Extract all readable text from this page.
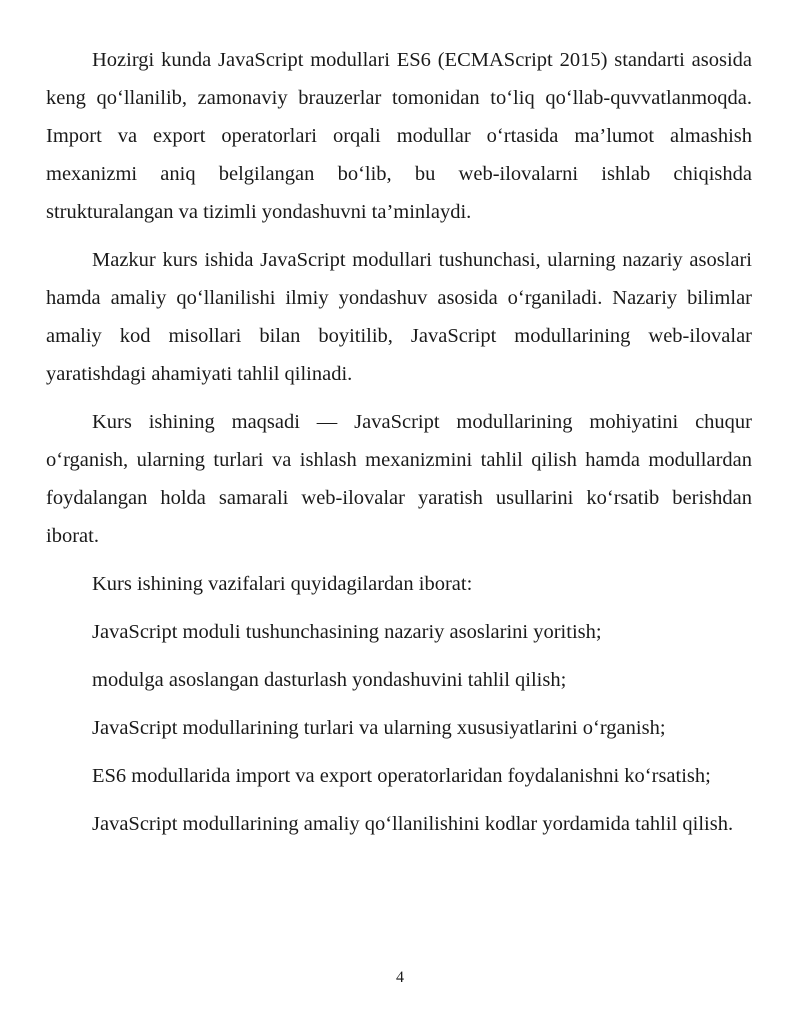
Hozirgi kunda JavaScript modullari ES6 (ECMAScript 2015) standarti asosida keng qo‘llanilib, zamonaviy brauzerlar tomonidan to‘liq qo‘llab-quvvatlanmoqda. Import va export operatorlari orqali modullar o‘rtasida ma’lumot almashish mexanizmi aniq belgilangan bo‘lib, bu web-ilovalarni ishlab chiqishda strukturalangan va tizimli yondashuvni ta’minlaydi.

Mazkur kurs ishida JavaScript modullari tushunchasi, ularning nazariy asoslari hamda amaliy qo‘llanilishi ilmiy yondashuv asosida o‘rganiladi. Nazariy bilimlar amaliy kod misollari bilan boyitilib, JavaScript modullarining web-ilovalar yaratishdagi ahamiyati tahlil qilinadi.

Kurs ishining maqsadi — JavaScript modullarining mohiyatini chuqur o‘rganish, ularning turlari va ishlash mexanizmini tahlil qilish hamda modullardan foydalangan holda samarali web-ilovalar yaratish usullarini ko‘rsatib berishdan iborat.

Kurs ishining vazifalari quyidagilardan iborat:

JavaScript moduli tushunchasining nazariy asoslarini yoritish;

modulga asoslangan dasturlash yondashuvini tahlil qilish;

JavaScript modullarining turlari va ularning xususiyatlarini o‘rganish;

ES6 modullarida import va export operatorlaridan foydalanishni ko‘rsatish;

JavaScript modullarining amaliy qo‘llanilishini kodlar yordamida tahlil qilish.

4
